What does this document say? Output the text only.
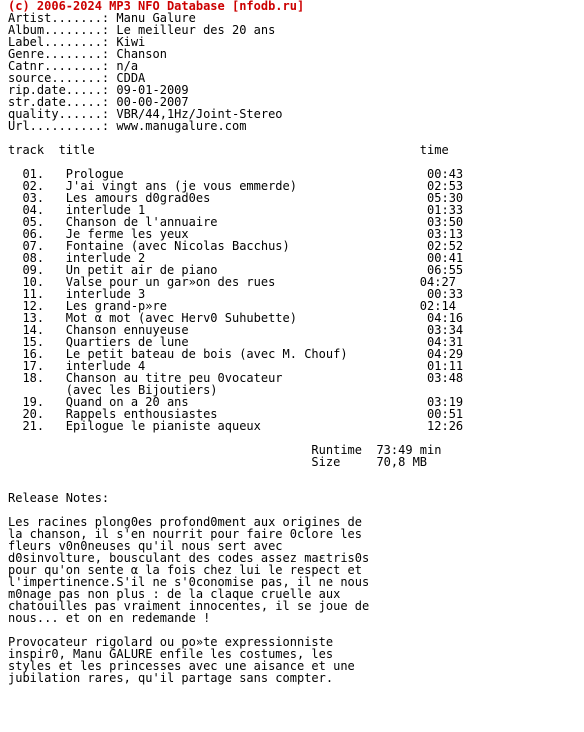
(c) 2006-2024 MP3 NFO Database [nfodb.ru]
Artist.......: Manu Galure
Album........: Le meilleur des 20 ans
Label........: Kiwi
Genre........: Chanson
Catnr........: n/a
source.......: CDDA
rip.date.....: 09-01-2009
str.date.....: 00-00-2007
quality......: VBR/44,1Hz/Joint-Stereo
Url..........: www.manugalure.com
track  title                                             time
01.   Prologue                                          00:43
02.   J'ai vingt ans (je vous emmerde)                  02:53
03.   Les amours d0grad0es                              05:30
04.   interlude 1                                       01:33
05.   Chanson de l'annuaire                             03:50
06.   Je ferme les yeux                                 03:13
07.   Fontaine (avec Nicolas Bacchus)                   02:52
08.   interlude 2                                       00:41
09.   Un petit air de piano                             06:55
10.   Valse pour un gar»on des rues                    04:27
11.   interlude 3                                       00:33
12.   Les grand-p»re                                   02:14
13.   Mot α mot (avec Herv0 Suhubette)                  04:16
14.   Chanson ennuyeuse                                 03:34
15.   Quartiers de lune                                 04:31
16.   Le petit bateau de bois (avec M. Chouf)           04:29
17.   interlude 4                                       01:11
18.   Chanson au titre peu 0vocateur                    03:48
(avec les Bijoutiers)
19.   Quand on a 20 ans                                 03:19
20.   Rappels enthousiastes                             00:51
21.   Epilogue le pianiste aqueux                       12:26
Runtime  73:49 min
Size     70,8 MB
Release Notes:
Les racines plong0es profond0ment aux origines de
la chanson, il s'en nourrit pour faire 0clore les
fleurs v0n0neuses qu'il nous sert avec
d0sinvolture, bousculant des codes assez maεtris0s
pour qu'on sente α la fois chez lui le respect et
l'impertinence.S'il ne s'0conomise pas, il ne nous
m0nage pas non plus : de la claque cruelle aux
chatouilles pas vraiment innocentes, il se joue de
nous... et on en redemande !
Provocateur rigolard ou po»te expressionniste
inspir0, Manu GALURE enfile les costumes, les
styles et les princesses avec une aisance et une
jubilation rares, qu'il partage sans compter.
